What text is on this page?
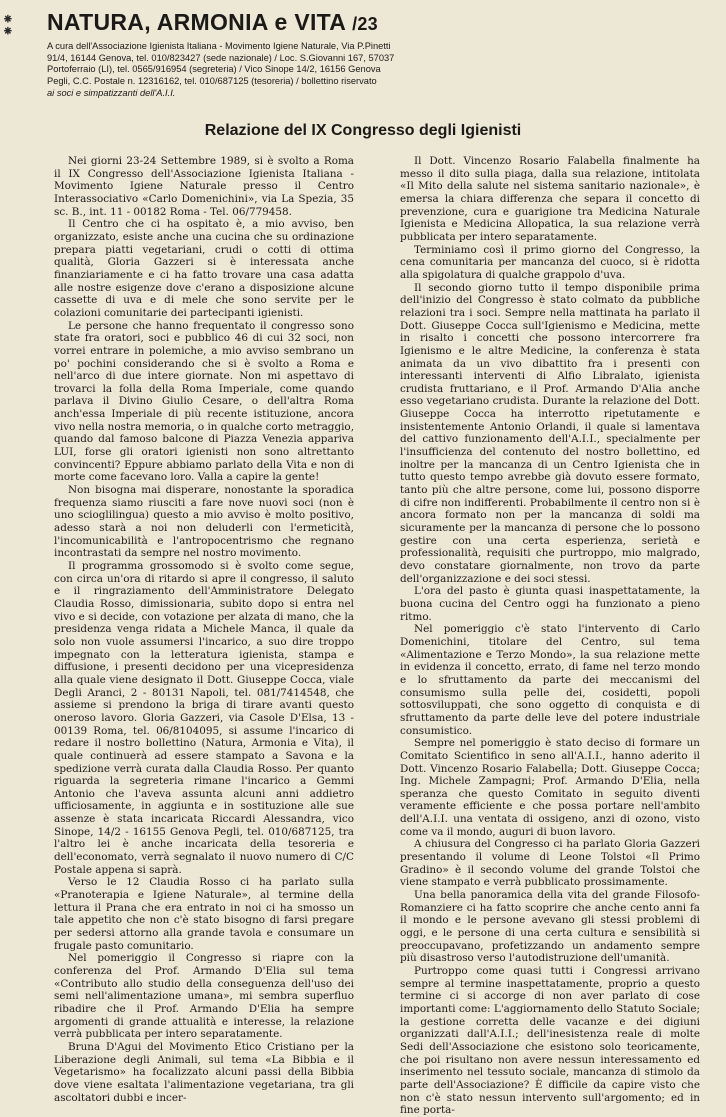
⁕
⁕ NATURA, ARMONIA e VITA /23
A cura dell'Associazione Igienista Italiana - Movimento Igiene Naturale, Via P.Pinetti
91/4, 16144 Genova, tel. 010/823427 (sede nazionale) / Loc. S.Giovanni 167, 57037
Portoferraio (LI), tel. 0565/916954 (segreteria) / Vico Sinope 14/2, 16156 Genova
Pegli, C.C. Postale n. 12316162, tel. 010/687125 (tesoreria) / bollettino riservato
ai soci e simpatizzanti dell'A.I.I.
Relazione del IX Congresso degli Igienisti

Nei giorni 23-24 Settembre 1989, si è svolto a Roma il IX Congresso dell'Associazione Igienista Italiana - Movimento Igiene Naturale presso il Centro Interassociativo «Carlo Domenichini», via La Spezia, 35 sc. B., int. 11 - 00182 Roma - Tel. 06/779458.

Il Centro che ci ha ospitato è, a mio avviso, ben organizzato, esiste anche una cucina che su ordinazione prepara piatti vegetariani, crudi o cotti di ottima qualità, Gloria Gazzeri si è interessata anche finanziariamente e ci ha fatto trovare una casa adatta alle nostre esigenze dove c'erano a disposizione alcune cassette di uva e di mele che sono servite per le colazioni comunitarie dei partecipanti igienisti.

Le persone che hanno frequentato il congresso sono state fra oratori, soci e pubblico 46 di cui 32 soci, non vorrei entrare in polemiche, a mio avviso sembrano un po' pochini considerando che si è svolto a Roma e nell'arco di due intere giornate. Non mi aspettavo di trovarci la folla della Roma Imperiale, come quando parlava il Divino Giulio Cesare, o dell'altra Roma anch'essa Imperiale di più recente istituzione, ancora vivo nella nostra memoria, o in qualche corto metraggio, quando dal famoso balcone di Piazza Venezia appariva LUI, forse gli oratori igienisti non sono altrettanto convincenti? Eppure abbiamo parlato della Vita e non di morte come facevano loro. Valla a capire la gente!

Non bisogna mai disperare, nonostante la sporadica frequenza siamo riusciti a fare nove nuovi soci (non è uno scioglilingua) questo a mio avviso è molto positivo, adesso starà a noi non deluderli con l'ermeticità, l'incomunicabilità e l'antropocentrismo che regnano incontrastati da sempre nel nostro movimento.

Il programma grossomodo si è svolto come segue, con circa un'ora di ritardo si apre il congresso, il saluto e il ringraziamento dell'Amministratore Delegato Claudia Rosso, dimissionaria, subito dopo si entra nel vivo e si decide, con votazione per alzata di mano, che la presidenza venga ridata a Michele Manca, il quale da solo non vuole assumersi l'incarico, a suo dire troppo impegnato con la letteratura igienista, stampa e diffusione, i presenti decidono per una vicepresidenza alla quale viene designato il Dott. Giuseppe Cocca, viale Degli Aranci, 2 - 80131 Napoli, tel. 081/7414548, che assieme si prendono la briga di tirare avanti questo oneroso lavoro. Gloria Gazzeri, via Casole D'Elsa, 13 - 00139 Roma, tel. 06/8104095, si assume l'incarico di redare il nostro bollettino (Natura, Armonia e Vita), il quale continuerà ad essere stampato a Savona e la spedizione verrà curata dalla Claudia Rosso. Per quanto riguarda la segreteria rimane l'incarico a Gemmi Antonio che l'aveva assunta alcuni anni addietro ufficiosamente, in aggiunta e in sostituzione alle sue assenze è stata incaricata Riccardi Alessandra, vico Sinope, 14/2 - 16155 Genova Pegli, tel. 010/687125, tra l'altro lei è anche incaricata della tesoreria e dell'economato, verrà segnalato il nuovo numero di C/C Postale appena si saprà.

Verso le 12 Claudia Rosso ci ha parlato sulla «Pranoterapia e Igiene Naturale», al termine della lettura il Prana che era entrato in noi ci ha smosso un tale appetito che non c'è stato bisogno di farsi pregare per sedersi attorno alla grande tavola e consumare un frugale pasto comunitario.

Nel pomeriggio il Congresso si riapre con la conferenza del Prof. Armando D'Elia sul tema «Contributo allo studio della conseguenza dell'uso dei semi nell'alimentazione umana», mi sembra superfluo ribadire che il Prof. Armando D'Elia ha sempre argomenti di grande attualità e interesse, la relazione verrà pubblicata per intero separatamente.

Bruna D'Agui del Movimento Etico Cristiano per la Liberazione degli Animali, sul tema «La Bibbia e il Vegetarismo» ha focalizzato alcuni passi della Bibbia dove viene esaltata l'alimentazione vegetariana, tra gli ascoltatori dubbi e incer-

Il Dott. Vincenzo Rosario Falabella finalmente ha messo il dito sulla piaga, dalla sua relazione, intitolata «Il Mito della salute nel sistema sanitario nazionale», è emersa la chiara differenza che separa il concetto di prevenzione, cura e guarigione tra Medicina Naturale Igienista e Medicina Allopatica, la sua relazione verrà pubblicata per intero separatamente.

Terminiamo così il primo giorno del Congresso, la cena comunitaria per mancanza del cuoco, si è ridotta alla spigolatura di qualche grappolo d'uva.

Il secondo giorno tutto il tempo disponibile prima dell'inizio del Congresso è stato colmato da pubbliche relazioni tra i soci. Sempre nella mattinata ha parlato il Dott. Giuseppe Cocca sull'Igienismo e Medicina, mette in risalto i concetti che possono intercorrere fra Igienismo e le altre Medicine, la conferenza è stata animata da un vivo dibattito fra i presenti con interessanti interventi di Alfio Libralato, igienista crudista fruttariano, e il Prof. Armando D'Alia anche esso vegetariano crudista. Durante la relazione del Dott. Giuseppe Cocca ha interrotto ripetutamente e insistentemente Antonio Orlandi, il quale si lamentava del cattivo funzionamento dell'A.I.I., specialmente per l'insufficienza del contenuto del nostro bollettino, ed inoltre per la mancanza di un Centro Igienista che in tutto questo tempo avrebbe già dovuto essere formato, tanto più che altre persone, come lui, possono disporre di cifre non indifferenti. Probabilmente il centro non si è ancora formato non per la mancanza di soldi ma sicuramente per la mancanza di persone che lo possono gestire con una certa esperienza, serietà e professionalità, requisiti che purtroppo, mio malgrado, devo constatare giornalmente, non trovo da parte dell'organizzazione e dei soci stessi.

L'ora del pasto è giunta quasi inaspettatamente, la buona cucina del Centro oggi ha funzionato a pieno ritmo.

Nel pomeriggio c'è stato l'intervento di Carlo Domenichini, titolare del Centro, sul tema «Alimentazione e Terzo Mondo», la sua relazione mette in evidenza il concetto, errato, di fame nel terzo mondo e lo sfruttamento da parte dei meccanismi del consumismo sulla pelle dei, cosidetti, popoli sottosviluppati, che sono oggetto di conquista e di sfruttamento da parte delle leve del potere industriale consumistico.

Sempre nel pomeriggio è stato deciso di formare un Comitato Scientifico in seno all'A.I.I., hanno aderito il Dott. Vincenzo Rosario Falabella; Dott. Giuseppe Cocca; Ing. Michele Zampagni; Prof. Armando D'Elia, nella speranza che questo Comitato in seguito diventi veramente efficiente e che possa portare nell'ambito dell'A.I.I. una ventata di ossigeno, anzi di ozono, visto come va il mondo, auguri di buon lavoro.

A chiusura del Congresso ci ha parlato Gloria Gazzeri presentando il volume di Leone Tolstoi «Il Primo Gradino» è il secondo volume del grande Tolstoi che viene stampato e verrà pubblicato prossimamente.

Una bella panoramica della vita del grande Filosofo-Romanziere ci ha fatto scoprire che anche cento anni fa il mondo e le persone avevano gli stessi problemi di oggi, e le persone di una certa cultura e sensibilità si preoccupavano, profetizzando un andamento sempre più disastroso verso l'autodistruzione dell'umanità.

Purtroppo come quasi tutti i Congressi arrivano sempre al termine inaspettatamente, proprio a questo termine ci si accorge di non aver parlato di cose importanti come: L'aggiornamento dello Statuto Sociale; la gestione corretta delle vacanze e dei digiuni organizzati dall'A.I.I.; dell'inesistenza reale di molte Sedi dell'Associazione che esistono solo teoricamente, che poi risultano non avere nessun interessamento ed inserimento nel tessuto sociale, mancanza di stimolo da parte dell'Associazione? È difficile da capire visto che non c'è stato nessun intervento sull'argomento; ed in fine porta-
